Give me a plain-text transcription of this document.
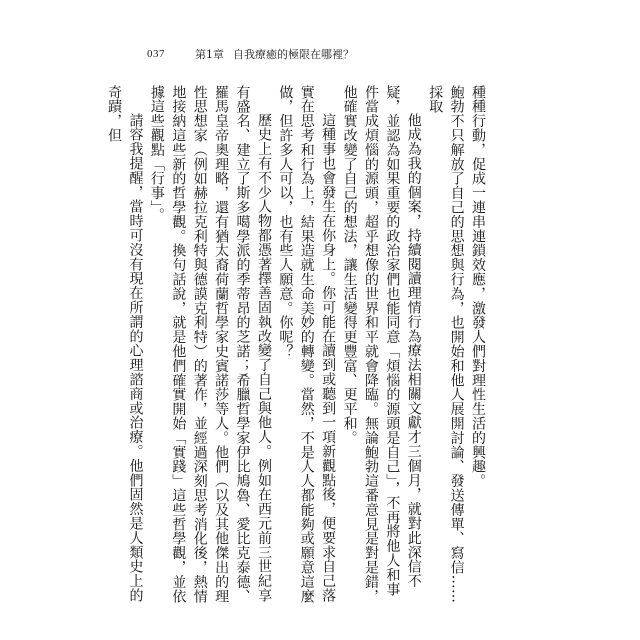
037	第1章 自我療癒的極限在哪裡？

種種行動，促成一連串連鎖效應，激發人們對理性生活的興趣。

鮑勃不只解放了自己的思想與行為，也開始和他人展開討論、發送傳單、寫信……採取

他成為我的個案，持續閱讀理情行為療法相關文獻才三個月，就對此深信不疑，並認為如果重要的政治家們也能同意「煩惱的源頭是自己」，不再將他人和事件當成煩惱的源頭，超乎想像的世界和平就會降臨。無論鮑勃這番意見是對是錯，他確實改變了自己的想法，讓生活變得更豐富、更平和。

這種事也會發生在你身上。你可能在讀到或聽到一項新觀點後，便要求自己落實在思考和行為上，結果造就生命美妙的轉變。當然，不是人人都能夠或願意這麼做，但許多人可以，也有些人願意。你呢？

歷史上有不少人物都憑著擇善固執改變了自己與他人。例如在西元前三世紀享有盛名、建立了斯多噶學派的季蒂昂的芝諾；希臘哲學家伊比鳩魯、愛比克泰德、羅馬皇帝奧理略，還有猶太裔荷蘭哲學家史賓諾莎等人。他們（以及其他傑出的理性思想家（例如赫拉克利特與德謨克利特）的著作，並經過深刻思考消化後，熱情地接納這些新的哲學觀。換句話說，就是他們確實開始「實踐」這些哲學觀，並依據這些觀點「行事」。

請容我提醒，當時可沒有現在所謂的心理諮商或治療。他們固然是人類史上的奇蹟，但
